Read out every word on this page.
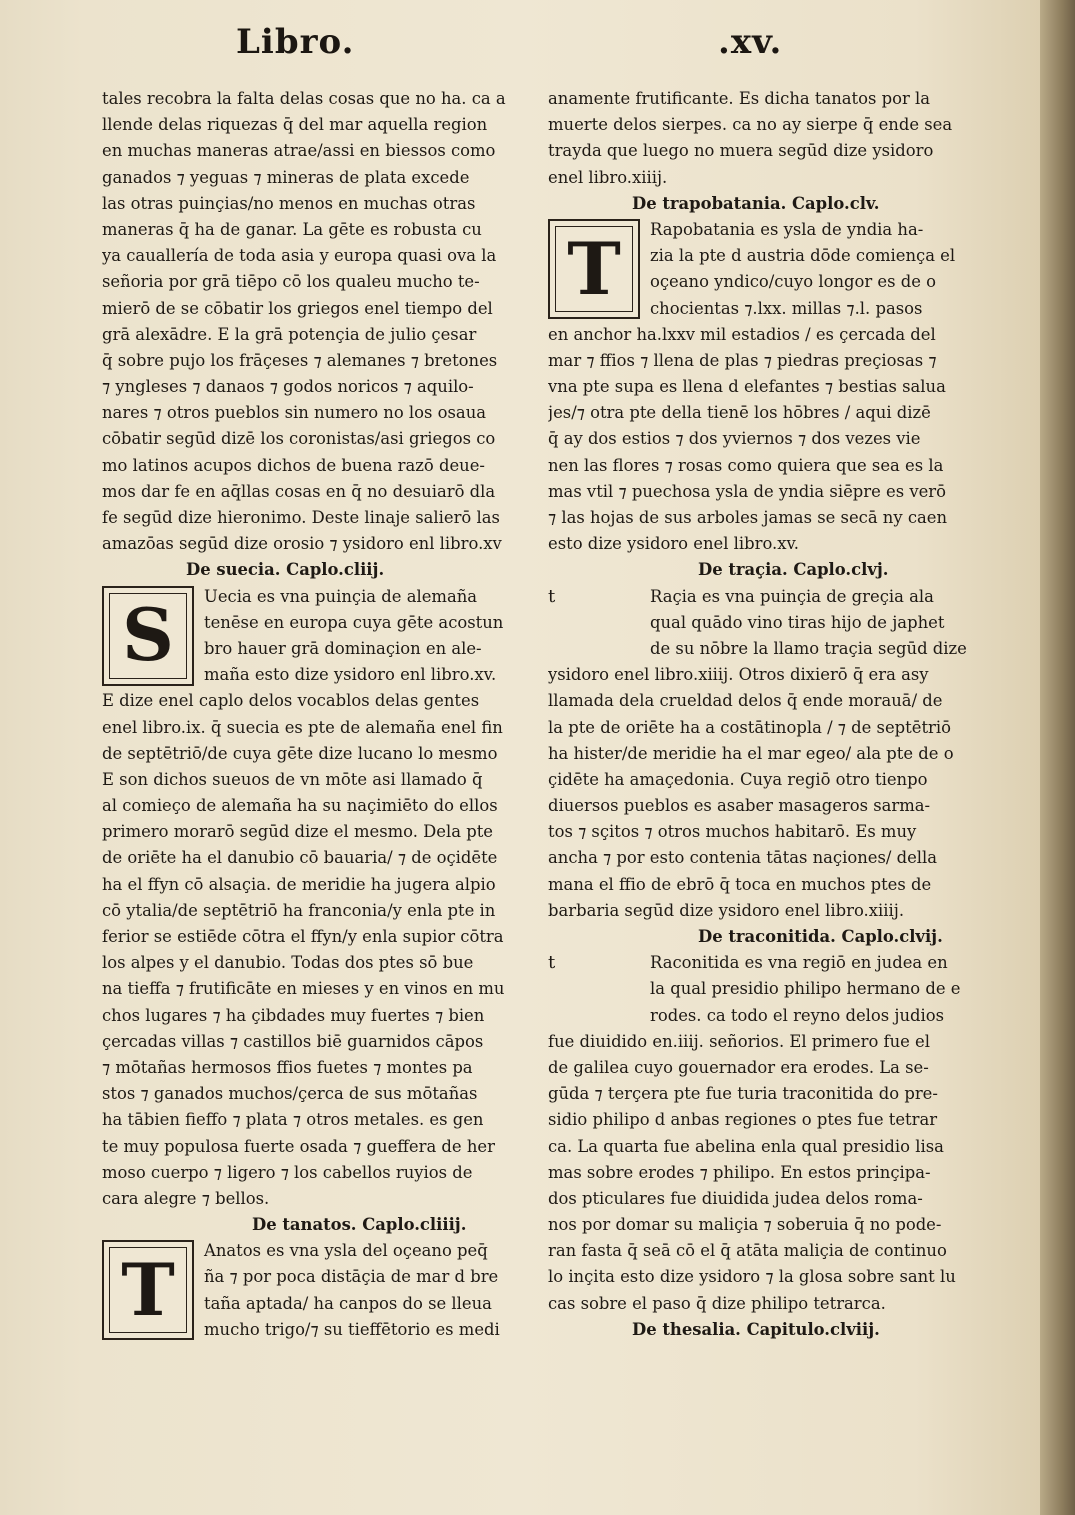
Libro.	.xv.
tales recobra la falta delas cosas que no ha. ca a
llende delas riquezas q̄ del mar aquella region
en muchas maneras atrae/assi en biessos como
ganados ⁊ yeguas ⁊ mineras de plata excede
las otras puinçias/no menos en muchas otras
maneras q̄ ha de ganar. La gēte es robusta cu
ya cauallería de toda asia y europa quasi ova la
señoria por grā tiēpo cō los qualeu mucho te-
mierō de se cōbatir los griegos enel tiempo del
grā alexādre. E la grā potençia de julio çesar
q̄ sobre pujo los frāçeses ⁊ alemanes ⁊ bretones
⁊ yngleses ⁊ danaos ⁊ godos noricos ⁊ aquilo-
nares ⁊ otros pueblos sin numero no los osaua
cōbatir segūd dizē los coronistas/asi griegos co
mo latinos acupos dichos de buena razō deue-
mos dar fe en aq̄llas cosas en q̄ no desuiarō dla
fe segūd dize hieronimo. Deste linaje salierō las
amazōas segūd dize orosio ⁊ ysidoro enl libro.xv
De suecia. Caplo.cliij.
S	Uecia es vna puinçia de alemaña
tenēse en europa cuya gēte acostun
bro hauer grā dominaçion en ale-
maña esto dize ysidoro enl libro.xv.
E dize enel caplo delos vocablos delas gentes
enel libro.ix. q̄ suecia es pte de alemaña enel fin
de septētriō/de cuya gēte dize lucano lo mesmo
E son dichos sueuos de vn mōte asi llamado q̄
al comieço de alemaña ha su naçimiēto do ellos
primero morarō segūd dize el mesmo. Dela pte
de oriēte ha el danubio cō bauaria/ ⁊ de oçidēte
ha el ffyn cō alsaçia. de meridie ha jugera alpio
cō ytalia/de septētriō ha franconia/y enla pte in
ferior se estiēde cōtra el ffyn/y enla supior cōtra
los alpes y el danubio. Todas dos ptes sō bue
na tieffa ⁊ frutificāte en mieses y en vinos en mu
chos lugares ⁊ ha çibdades muy fuertes ⁊ bien
çercadas villas ⁊ castillos biē guarnidos cāpos
⁊ mōtañas hermosos ffios fuetes ⁊ montes pa
stos ⁊ ganados muchos/çerca de sus mōtañas
ha tābien fieffo ⁊ plata ⁊ otros metales. es gen
te muy populosa fuerte osada ⁊ gueffera de her
moso cuerpo ⁊ ligero ⁊ los cabellos ruyios de
cara alegre ⁊ bellos.
De tanatos. Caplo.cliiij.
T	Anatos es vna ysla del oçeano peq̄
ña ⁊ por poca distāçia de mar d bre
taña aptada/ ha canpos do se lleua
mucho trigo/⁊ su tieffētorio es medi
anamente frutificante. Es dicha tanatos por la
muerte delos sierpes. ca no ay sierpe q̄ ende sea
trayda que luego no muera segūd dize ysidoro
enel libro.xiiij.
De trapobatania. Caplo.clv.
T	Rapobatania es ysla de yndia ha-
zia la pte d austria dōde comiença el
oçeano yndico/cuyo longor es de o
chocientas ⁊.lxx. millas ⁊.l. pasos
en anchor ha.lxxv mil estadios / es çercada del
mar ⁊ ffios ⁊ llena de plas ⁊ piedras preçiosas ⁊
vna pte supa es llena d elefantes ⁊ bestias salua
jes/⁊ otra pte della tienē los hōbres / aqui dizē
q̄ ay dos estios ⁊ dos yviernos ⁊ dos vezes vie
nen las flores ⁊ rosas como quiera que sea es la
mas vtil ⁊ puechosa ysla de yndia siēpre es verō
⁊ las hojas de sus arboles jamas se secā ny caen
esto dize ysidoro enel libro.xv.
De traçia. Caplo.clvj.
t	Raçia es vna puinçia de greçia ala
qual quādo vino tiras hijo de japhet
de su nōbre la llamo traçia segūd dize
ysidoro enel libro.xiiij. Otros dixierō q̄ era asy
llamada dela crueldad delos q̄ ende morauā/ de
la pte de oriēte ha a costātinopla / ⁊ de septētriō
ha hister/de meridie ha el mar egeo/ ala pte de o
çidēte ha amaçedonia. Cuya regiō otro tienpo
diuersos pueblos es asaber masageros sarma-
tos ⁊ sçitos ⁊ otros muchos habitarō. Es muy
ancha ⁊ por esto contenia tātas naçiones/ della
mana el ffio de ebrō q̄ toca en muchos ptes de
barbaria segūd dize ysidoro enel libro.xiiij.
De traconitida. Caplo.clvij.
t	Raconitida es vna regiō en judea en
la qual presidio philipo hermano de e
rodes. ca todo el reyno delos judios
fue diuidido en.iiij. señorios. El primero fue el
de galilea cuyo gouernador era erodes. La se-
gūda ⁊ terçera pte fue turia traconitida do pre-
sidio philipo d anbas regiones o ptes fue tetrar
ca. La quarta fue abelina enla qual presidio lisa
mas sobre erodes ⁊ philipo. En estos prinçipa-
dos pticulares fue diuidida judea delos roma-
nos por domar su maliçia ⁊ soberuia q̄ no pode-
ran fasta q̄ seā cō el q̄ atāta maliçia de continuo
lo inçita esto dize ysidoro ⁊ la glosa sobre sant lu
cas sobre el paso q̄ dize philipo tetrarca.
De thesalia. Capitulo.clviij.
